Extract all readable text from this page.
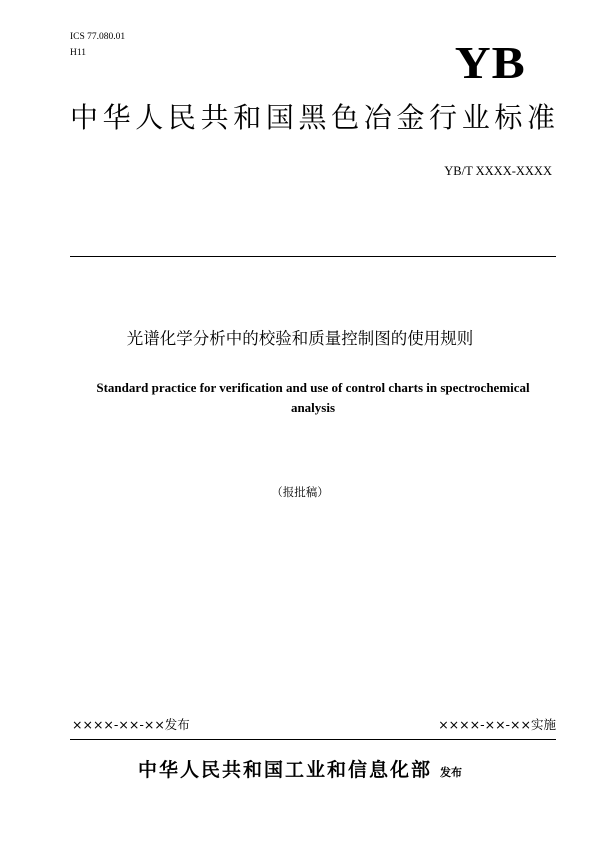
ICS 77.080.01
H11	YB
中华人民共和国黑色冶金行业标准
YB/T XXXX-XXXX
光谱化学分析中的校验和质量控制图的使用规则
Standard practice for verification and use of control charts in spectrochemical
analysis
（报批稿）
××××-××-××发布	××××-××-××实施
中华人民共和国工业和信息化部 发布
